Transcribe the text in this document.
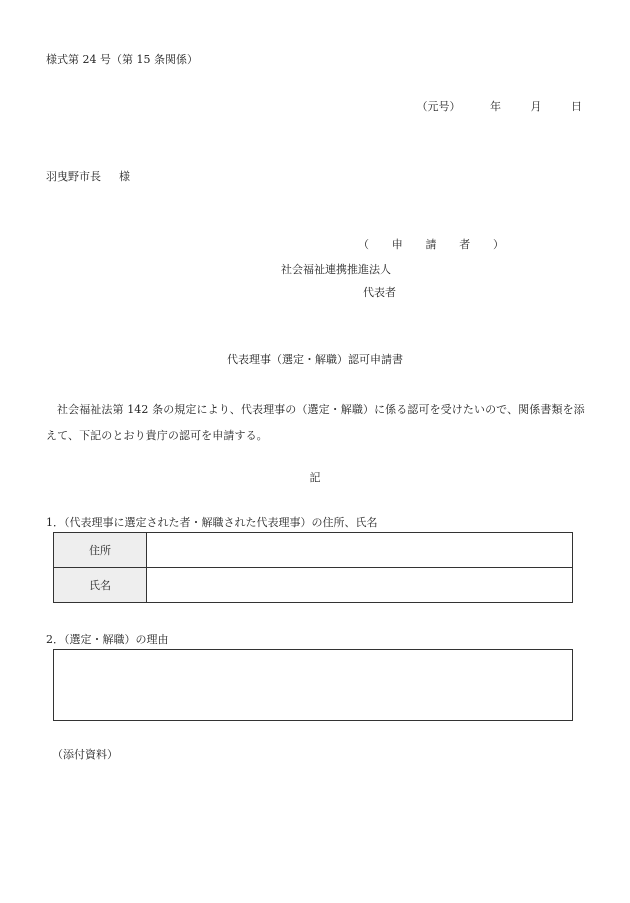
様式第 24 号（第 15 条関係）
（元号）	年	月	日
羽曳野市長 様
（ 申 請 者 ）
社会福祉連携推進法人
代表者
代表理事（選定・解職）認可申請書
社会福祉法第 142 条の規定により、代表理事の（選定・解職）に係る認可を受けたいので、関係書類を添えて、下記のとおり貴庁の認可を申請する。
記
1．（代表理事に選定された者・解職された代表理事）の住所、氏名
住所	
氏名	
2．（選定・解職）の理由
（添付資料）
